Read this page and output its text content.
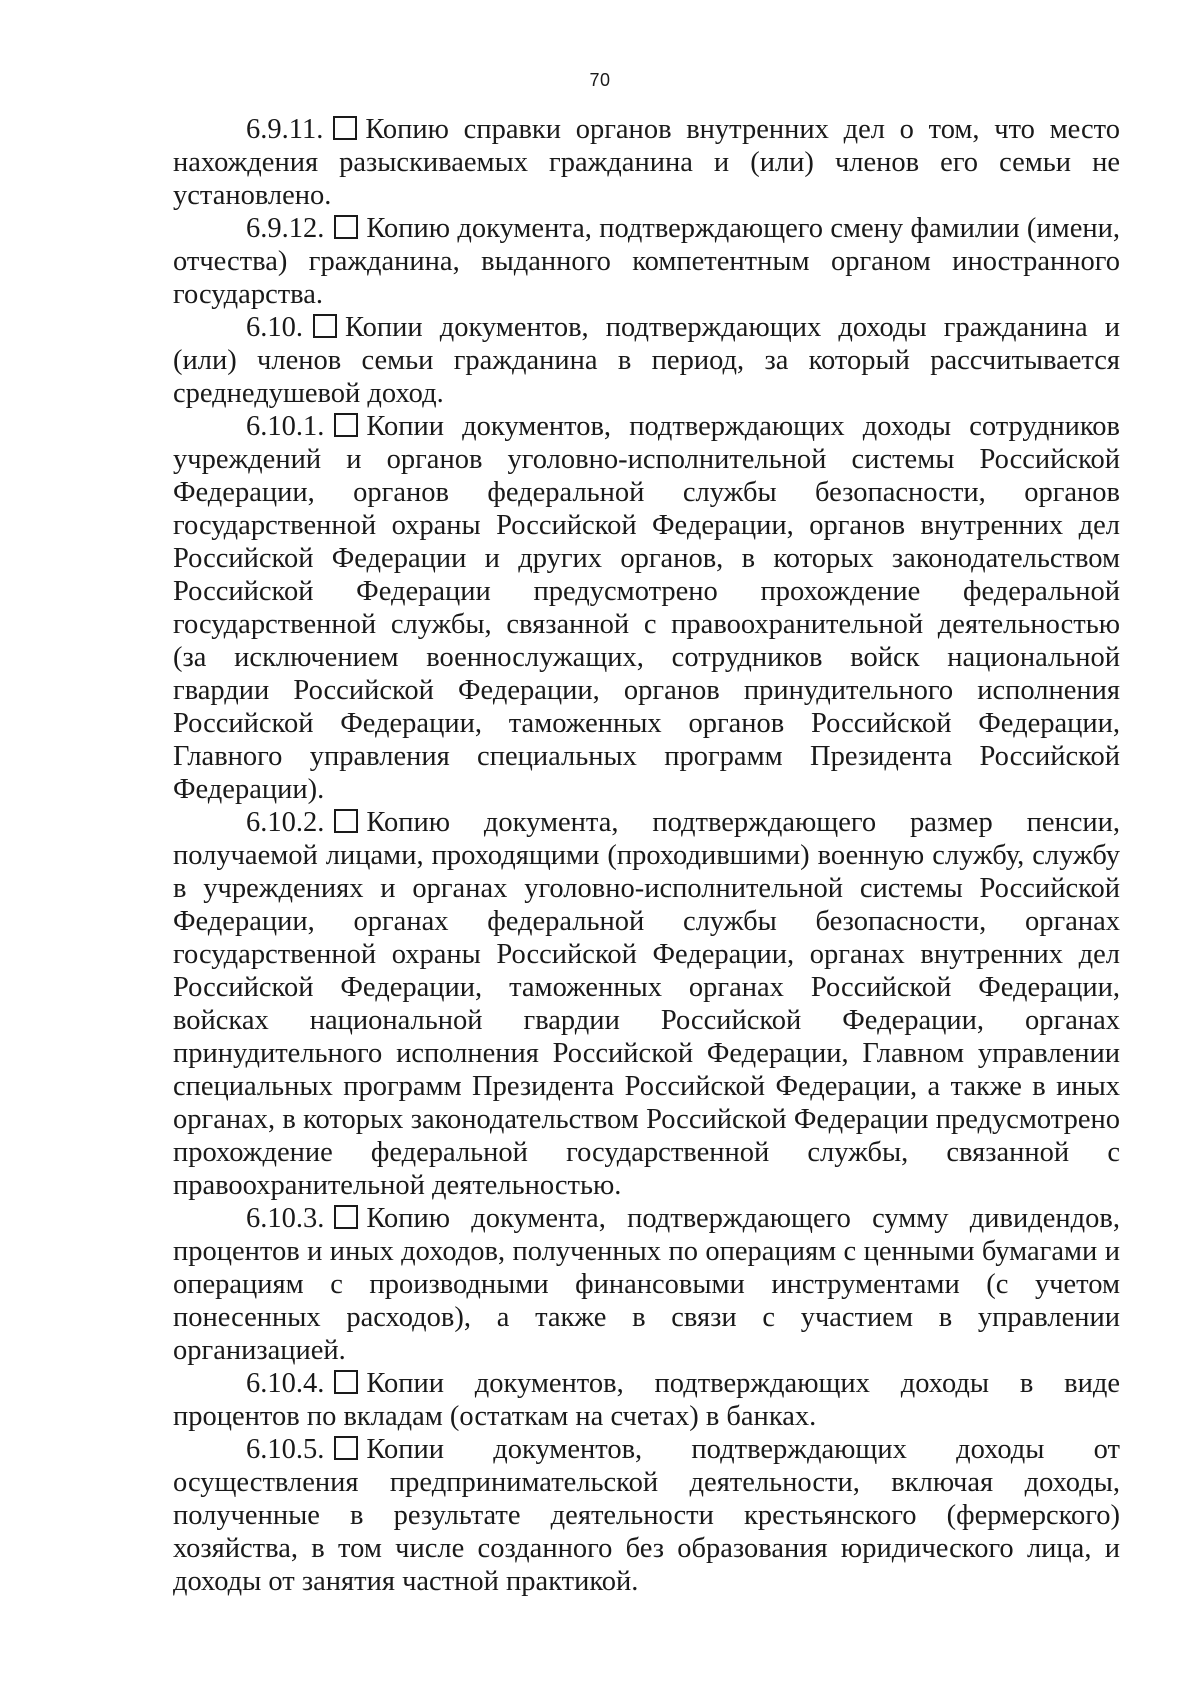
70

6.9.11. Копию справки органов внутренних дел о том, что место нахождения разыскиваемых гражданина и (или) членов его семьи не установлено.

6.9.12. Копию документа, подтверждающего смену фамилии (имени, отчества) гражданина, выданного компетентным органом иностранного государства.

6.10. Копии документов, подтверждающих доходы гражданина и (или) членов семьи гражданина в период, за который рассчитывается среднедушевой доход.

6.10.1. Копии документов, подтверждающих доходы сотрудников учреждений и органов уголовно-исполнительной системы Российской Федерации, органов федеральной службы безопасности, органов государственной охраны Российской Федерации, органов внутренних дел Российской Федерации и других органов, в которых законодательством Российской Федерации предусмотрено прохождение федеральной государственной службы, связанной с правоохранительной деятельностью (за исключением военнослужащих, сотрудников войск национальной гвардии Российской Федерации, органов принудительного исполнения Российской Федерации, таможенных органов Российской Федерации, Главного управления специальных программ Президента Российской Федерации).

6.10.2. Копию документа, подтверждающего размер пенсии, получаемой лицами, проходящими (проходившими) военную службу, службу в учреждениях и органах уголовно-исполнительной системы Российской Федерации, органах федеральной службы безопасности, органах государственной охраны Российской Федерации, органах внутренних дел Российской Федерации, таможенных органах Российской Федерации, войсках национальной гвардии Российской Федерации, органах принудительного исполнения Российской Федерации, Главном управлении специальных программ Президента Российской Федерации, а также в иных органах, в которых законодательством Российской Федерации предусмотрено прохождение федеральной государственной службы, связанной с правоохранительной деятельностью.

6.10.3. Копию документа, подтверждающего сумму дивидендов, процентов и иных доходов, полученных по операциям с ценными бумагами и операциям с производными финансовыми инструментами (с учетом понесенных расходов), а также в связи с участием в управлении организацией.

6.10.4. Копии документов, подтверждающих доходы в виде процентов по вкладам (остаткам на счетах) в банках.

6.10.5. Копии документов, подтверждающих доходы от осуществления предпринимательской деятельности, включая доходы, полученные в результате деятельности крестьянского (фермерского) хозяйства, в том числе созданного без образования юридического лица, и доходы от занятия частной практикой.
